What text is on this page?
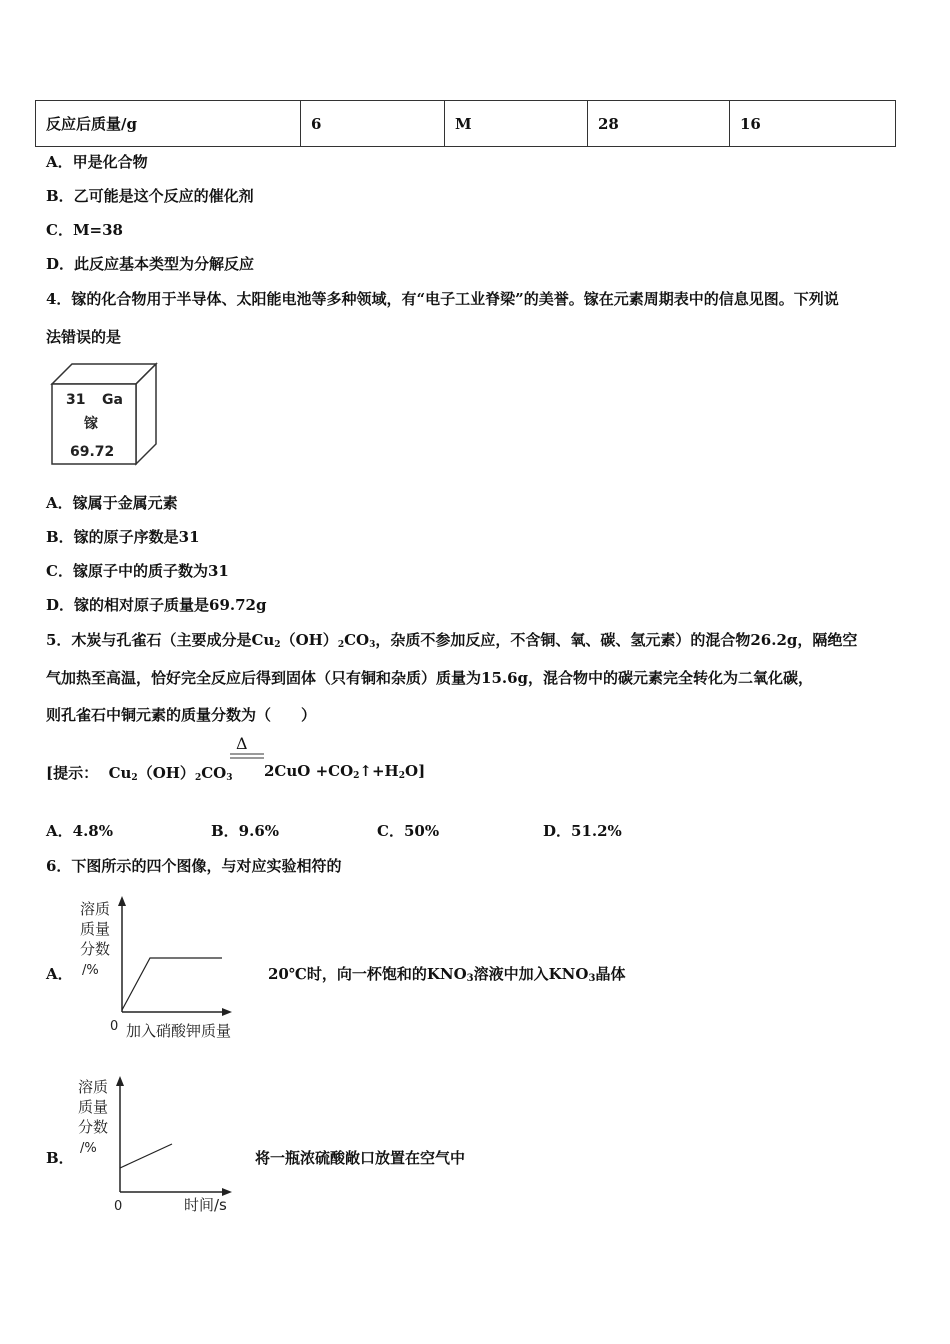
反应后质量/g	6	M	28	16
A．甲是化合物
B．乙可能是这个反应的催化剂
C．M=38
D．此反应基本类型为分解反应
4．镓的化合物用于半导体、太阳能电池等多种领域，有“电子工业脊梁”的美誉。镓在元素周期表中的信息见图。下列说
法错误的是
31 Ga
镓
69.72
A．镓属于金属元素
B．镓的原子序数是31
C．镓原子中的质子数为31
D．镓的相对原子质量是69.72g
5．木炭与孔雀石（主要成分是$Cu_2(OH)_2CO_3$，杂质不参加反应，不含铜、氧、碳、氢元素）的混合物26.2g，隔绝空
气加热至高温，恰好完全反应后得到固体（只有铜和杂质）质量为15.6g，混合物中的碳元素完全转化为二氧化碳，
则孔雀石中铜元素的质量分数为（　　）
[提示： $Cu_2(OH)_2CO_3$
Δ
$2CuO +CO_2↑+H_2O$]
A．4.8%	B．9.6%	C．50%	D．51.2%
6．下图所示的四个图像，与对应实验相符的
A．
溶质
质量
分数
/%
0 加入硝酸钾质量
20℃时，向一杯饱和的KNO3溶液中加入KNO3晶体
B．
溶质
质量
分数
/%
0	时间/s
将一瓶浓硫酸敞口放置在空气中
